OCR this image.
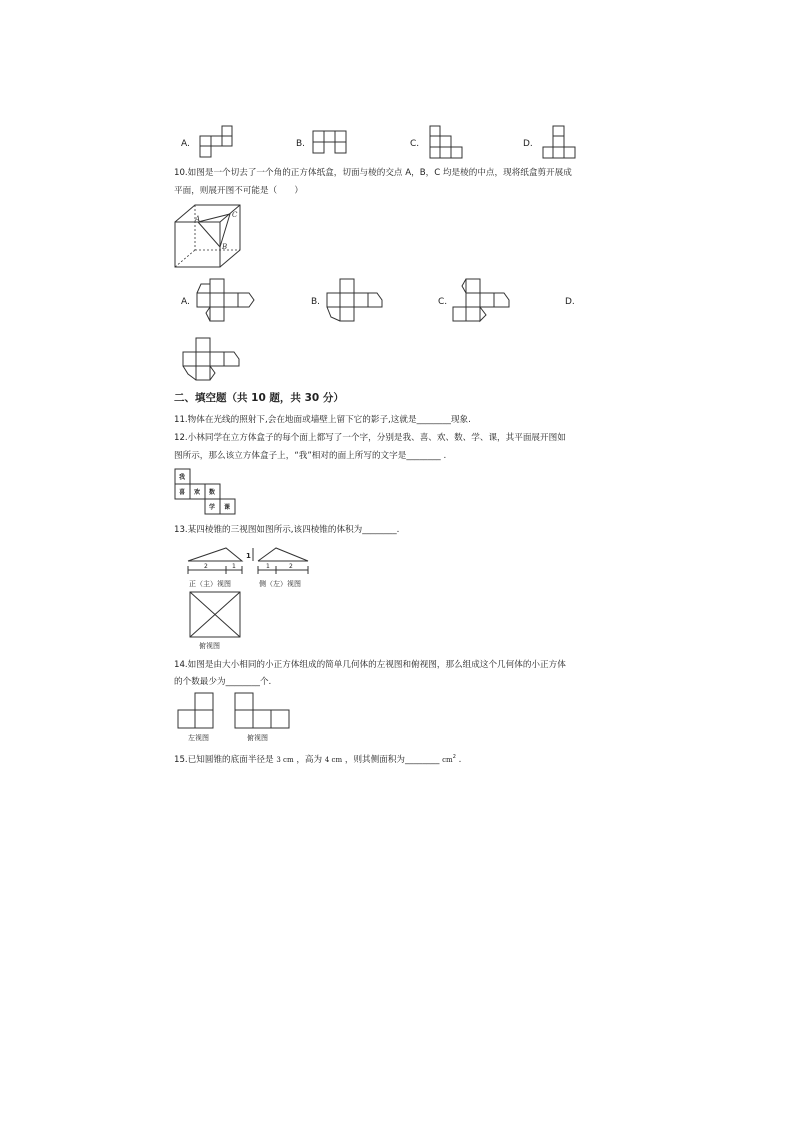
A.	B.	C.	D.
10.如图是一个切去了一个角的正方体纸盒，切面与棱的交点 A，B，C 均是棱的中点，现将纸盒剪开展成
平面，则展开图不可能是（　　）
A	C
B
A.	B.	C.	D.
二、填空题（共 10 题，共 30 分）
11.物体在光线的照射下,会在地面或墙壁上留下它的影子,这就是________现象.
12.小林同学在立方体盒子的每个面上都写了一个字，分别是我、喜、欢、数、学、课，其平面展开图如
图所示，那么该立方体盒子上，“我”相对的面上所写的文字是________ .
我
喜 欢 数
学 课
13.某四棱锥的三视图如图所示,该四棱锥的体积为________.
2	1
1
1	2
正（主）视图	侧（左）视图
俯视图
14.如图是由大小相同的小正方体组成的简单几何体的左视图和俯视图，那么组成这个几何体的小正方体
的个数最少为________个.
左视图	俯视图
15.已知圆锥的底面半径是 3 cm ，高为 4 cm ，则其侧面积为________ $cm^2$ .
